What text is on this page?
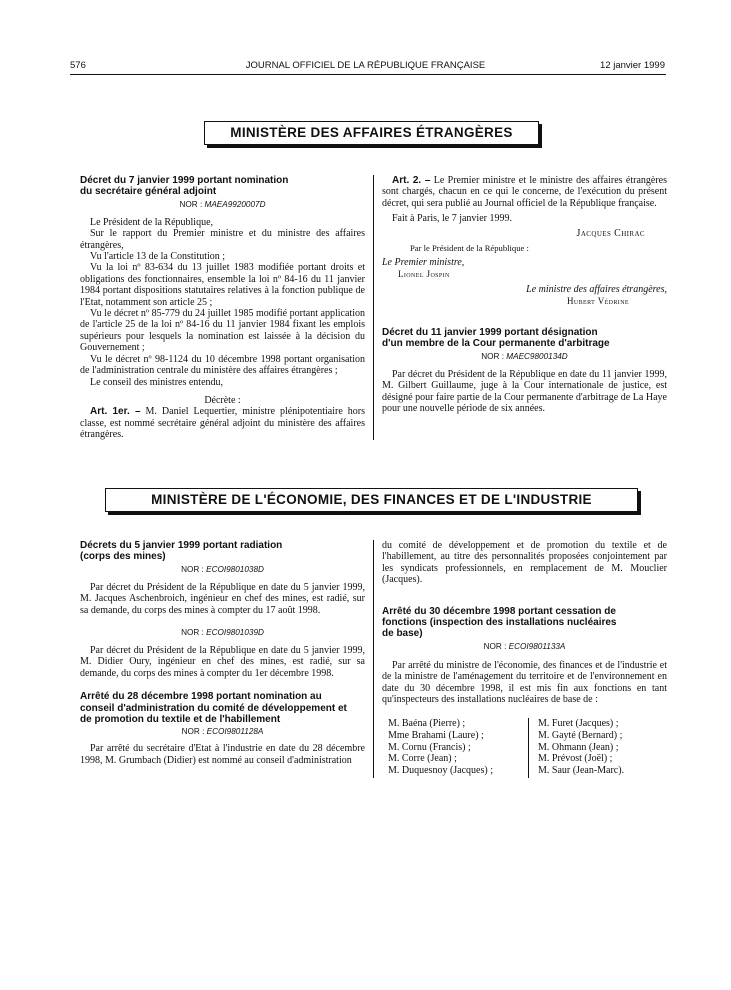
576	JOURNAL OFFICIEL DE LA RÉPUBLIQUE FRANÇAISE	12 janvier 1999
MINISTÈRE DES AFFAIRES ÉTRANGÈRES

Décret du 7 janvier 1999 portant nomination

du secrétaire général adjoint

NOR : MAEA9920007D

Le Président de la République,

Sur le rapport du Premier ministre et du ministre des affaires étrangères,

Vu l'article 13 de la Constitution ;

Vu la loi nº 83-634 du 13 juillet 1983 modifiée portant droits et obligations des fonctionnaires, ensemble la loi nº 84-16 du 11 janvier 1984 portant dispositions statutaires relatives à la fonction publique de l'Etat, notamment son article 25 ;

Vu le décret nº 85-779 du 24 juillet 1985 modifié portant application de l'article 25 de la loi nº 84-16 du 11 janvier 1984 fixant les emplois supérieurs pour lesquels la nomination est laissée à la décision du Gouvernement ;

Vu le décret nº 98-1124 du 10 décembre 1998 portant organisation de l'administration centrale du ministère des affaires étrangères ;

Le conseil des ministres entendu,

Décrète :

Art. 1er. – M. Daniel Lequertier, ministre plénipotentiaire hors classe, est nommé secrétaire général adjoint du ministère des affaires étrangères.

Art. 2. – Le Premier ministre et le ministre des affaires étrangères sont chargés, chacun en ce qui le concerne, de l'exécution du présent décret, qui sera publié au Journal officiel de la République française.

Fait à Paris, le 7 janvier 1999.

Jacques Chirac

Par le Président de la République :

Le Premier ministre,

Lionel Jospin

Le ministre des affaires étrangères,

Hubert Védrine

Décret du 11 janvier 1999 portant désignation

d'un membre de la Cour permanente d'arbitrage

NOR : MAEC9800134D

Par décret du Président de la République en date du 11 janvier 1999, M. Gilbert Guillaume, juge à la Cour internationale de justice, est désigné pour faire partie de la Cour permanente d'arbitrage de La Haye pour une nouvelle période de six années.

MINISTÈRE DE L'ÉCONOMIE, DES FINANCES ET DE L'INDUSTRIE

Décrets du 5 janvier 1999 portant radiation

(corps des mines)

NOR : ECOI9801038D

Par décret du Président de la République en date du 5 janvier 1999, M. Jacques Aschenbroich, ingénieur en chef des mines, est radié, sur sa demande, du corps des mines à compter du 17 août 1998.

NOR : ECOI9801039D

Par décret du Président de la République en date du 5 janvier 1999, M. Didier Oury, ingénieur en chef des mines, est radié, sur sa demande, du corps des mines à compter du 1er décembre 1998.

Arrêté du 28 décembre 1998 portant nomination au

conseil d'administration du comité de développement et

de promotion du textile et de l'habillement

NOR : ECOI9801128A

Par arrêté du secrétaire d'Etat à l'industrie en date du 28 décembre 1998, M. Grumbach (Didier) est nommé au conseil d'administration

du comité de développement et de promotion du textile et de l'habillement, au titre des personnalités proposées conjointement par les syndicats professionnels, en remplacement de M. Mouclier (Jacques).

Arrêté du 30 décembre 1998 portant cessation de

fonctions (inspection des installations nucléaires

de base)

NOR : ECOI9801133A

Par arrêté du ministre de l'économie, des finances et de l'industrie et de la ministre de l'aménagement du territoire et de l'environnement en date du 30 décembre 1998, il est mis fin aux fonctions en tant qu'inspecteurs des installations nucléaires de base de :

M. Baéna (Pierre) ;
Mme Brahami (Laure) ;
M. Cornu (Francis) ;
M. Corre (Jean) ;
M. Duquesnoy (Jacques) ;
M. Furet (Jacques) ;
M. Gayté (Bernard) ;
M. Ohmann (Jean) ;
M. Prévost (Joël) ;
M. Saur (Jean-Marc).
